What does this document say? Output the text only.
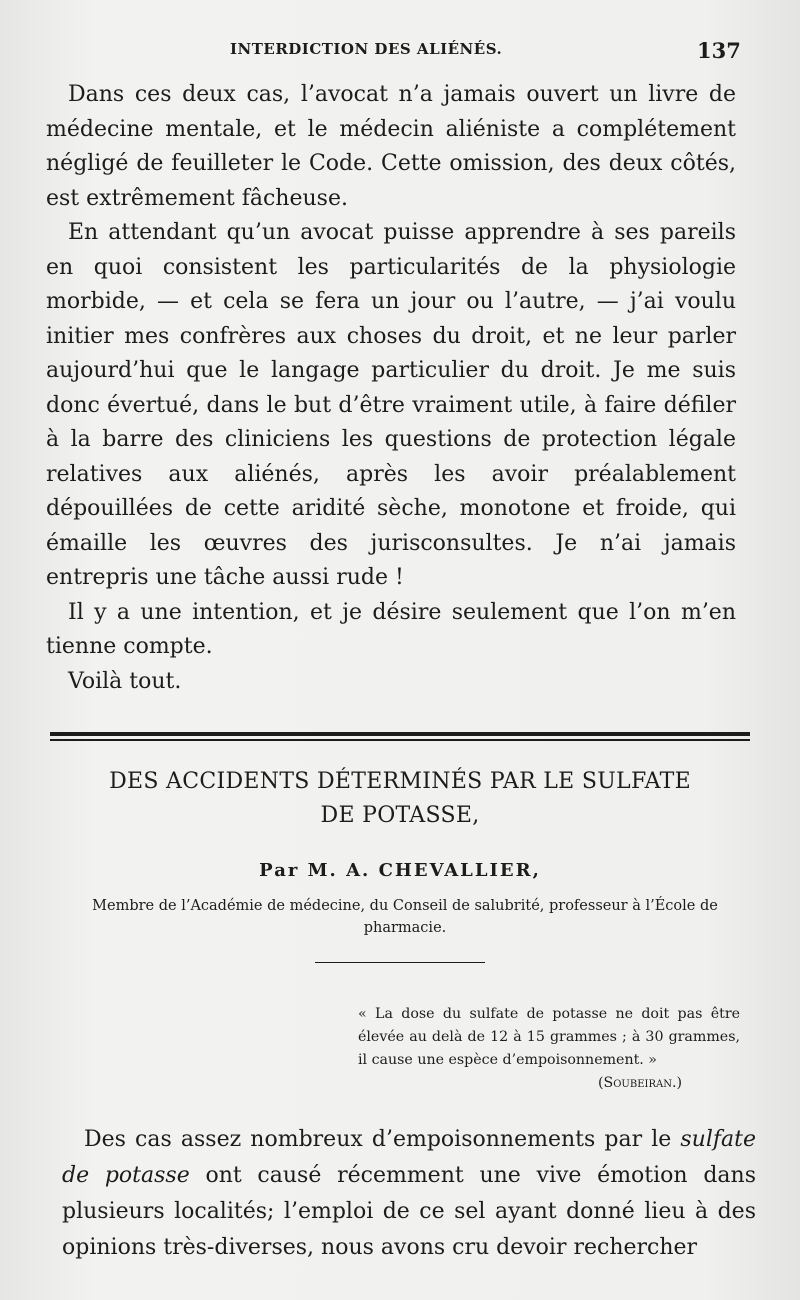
INTERDICTION DES ALIÉNÉS.	137

Dans ces deux cas, l’avocat n’a jamais ouvert un livre de médecine mentale, et le médecin aliéniste a complétement négligé de feuilleter le Code. Cette omission, des deux côtés, est extrêmement fâcheuse.

En attendant qu’un avocat puisse apprendre à ses pareils en quoi consistent les particularités de la physiologie morbide, — et cela se fera un jour ou l’autre, — j’ai voulu initier mes confrères aux choses du droit, et ne leur parler aujourd’hui que le langage particulier du droit. Je me suis donc évertué, dans le but d’être vraiment utile, à faire défiler à la barre des cliniciens les questions de protection légale relatives aux aliénés, après les avoir préalablement dépouillées de cette aridité sèche, monotone et froide, qui émaille les œuvres des jurisconsultes. Je n’ai jamais entrepris une tâche aussi rude !

Il y a une intention, et je désire seulement que l’on m’en tienne compte.

Voilà tout.

DES ACCIDENTS DÉTERMINÉS PAR LE SULFATE
DE POTASSE,
Par M. A. CHEVALLIER,
Membre de l’Académie de médecine, du Conseil de salubrité, professeur à l’École de pharmacie.

« La dose du sulfate de potasse ne doit pas être élevée au delà de 12 à 15 grammes ; à 30 grammes, il cause une espèce d’empoisonnement. »

(Soubeiran.)

Des cas assez nombreux d’empoisonnements par le sulfate de potasse ont causé récemment une vive émotion dans plusieurs localités; l’emploi de ce sel ayant donné lieu à des opinions très-diverses, nous avons cru devoir rechercher
